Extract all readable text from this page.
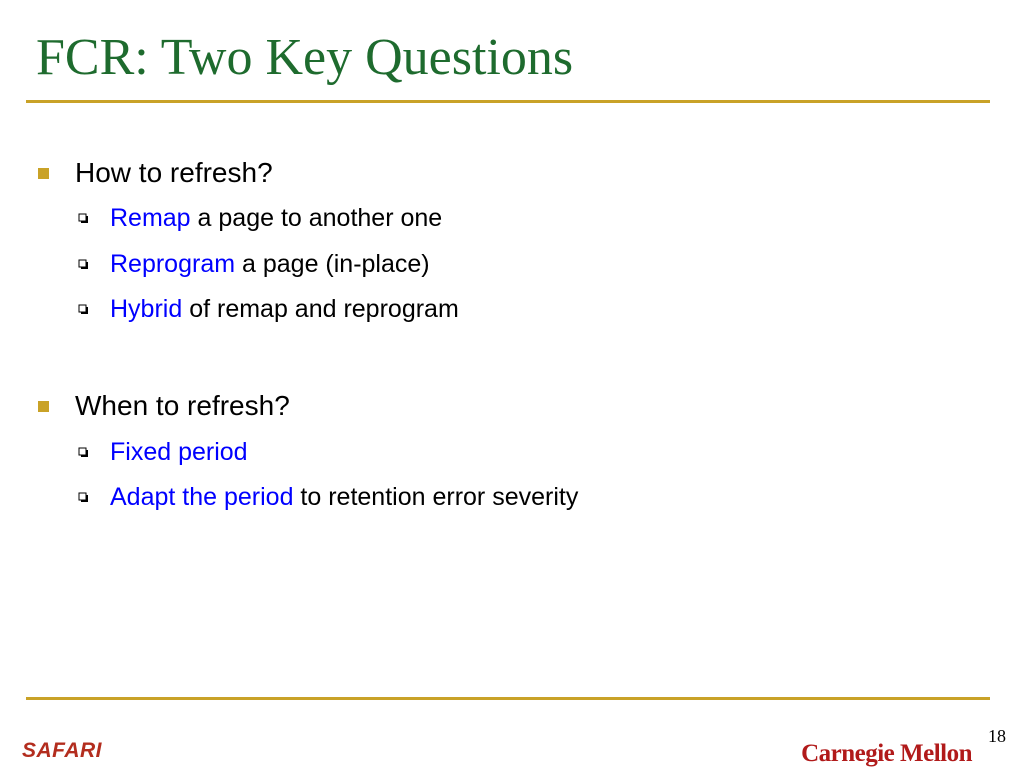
FCR: Two Key Questions
How to refresh?
Remap a page to another one
Reprogram a page (in-place)
Hybrid of remap and reprogram
When to refresh?
Fixed period
Adapt the period to retention error severity
SAFARI
18
Carnegie Mellon
